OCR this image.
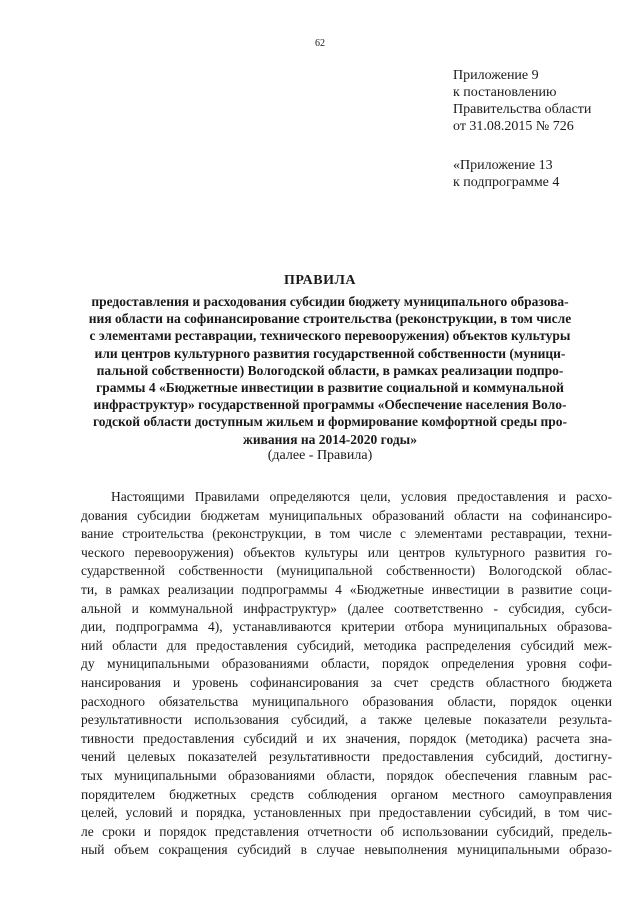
62
Приложение 9
к постановлению
Правительства области
от 31.08.2015 № 726
«Приложение 13
к подпрограмме 4
ПРАВИЛА
предоставления и расходования субсидии бюджету муниципального образова-
ния области на софинансирование строительства (реконструкции, в том числе
с элементами реставрации, технического перевооружения) объектов культуры
или центров культурного развития государственной собственности (муници-
пальной собственности) Вологодской области, в рамках реализации подпро-
граммы 4 «Бюджетные инвестиции в развитие социальной и коммунальной
инфраструктур» государственной программы «Обеспечение населения Воло-
годской области доступным жильем и формирование комфортной среды про-
живания на 2014-2020 годы»
(далее - Правила)
Настоящими Правилами определяются цели, условия предоставления и расхо-
дования субсидии бюджетам муниципальных образований области на софинансиро-
вание строительства (реконструкции, в том числе с элементами реставрации, техни-
ческого перевооружения) объектов культуры или центров культурного развития го-
сударственной собственности (муниципальной собственности) Вологодской облас-
ти, в рамках реализации подпрограммы 4 «Бюджетные инвестиции в развитие соци-
альной и коммунальной инфраструктур» (далее соответственно - субсидия, субси-
дии, подпрограмма 4), устанавливаются критерии отбора муниципальных образова-
ний области для предоставления субсидий, методика распределения субсидий меж-
ду муниципальными образованиями области, порядок определения уровня софи-
нансирования и уровень софинансирования за счет средств областного бюджета
расходного обязательства муниципального образования области, порядок оценки
результативности использования субсидий, а также целевые показатели результа-
тивности предоставления субсидий и их значения, порядок (методика) расчета зна-
чений целевых показателей результативности предоставления субсидий, достигну-
тых муниципальными образованиями области, порядок обеспечения главным рас-
порядителем бюджетных средств соблюдения органом местного самоуправления
целей, условий и порядка, установленных при предоставлении субсидий, в том чис-
ле сроки и порядок представления отчетности об использовании субсидий, предель-
ный объем сокращения субсидий в случае невыполнения муниципальными образо-
